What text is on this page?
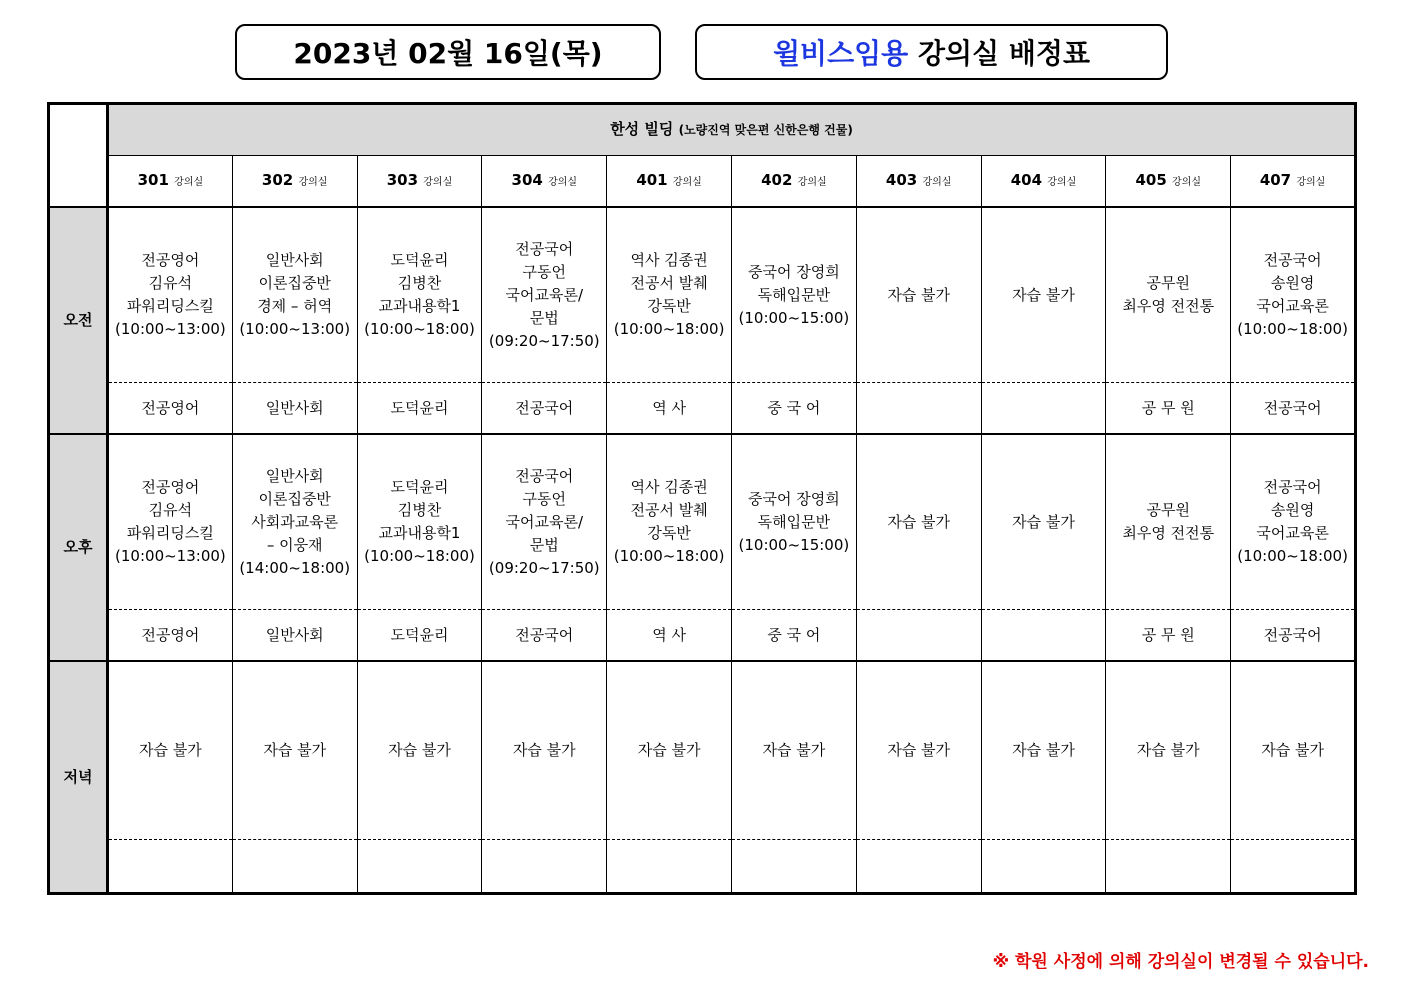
2023년 02월 16일(목)	윌비스임용 강의실 배정표
	한성 빌딩 (노량진역 맞은편 신한은행 건물)									
	301 강의실	302 강의실	303 강의실	304 강의실	401 강의실	402 강의실	403 강의실	404 강의실	405 강의실	407 강의실
오전	전공영어
김유석
파워리딩스킬
(10:00~13:00)	일반사회
이론집중반
경제 – 허역
(10:00~13:00)	도덕윤리
김병찬
교과내용학1
(10:00~18:00)	전공국어
구동언
국어교육론/
문법
(09:20~17:50)	역사 김종권
전공서 발췌
강독반
(10:00~18:00)	중국어 장영희
독해입문반
(10:00~15:00)	자습 불가	자습 불가	공무원
최우영 전전통	전공국어
송원영
국어교육론
(10:00~18:00)
	전공영어	일반사회	도덕윤리	전공국어	역 사	중 국 어			공 무 원	전공국어
오후	전공영어
김유석
파워리딩스킬
(10:00~13:00)	일반사회
이론집중반
사회과교육론
– 이웅재
(14:00~18:00)	도덕윤리
김병찬
교과내용학1
(10:00~18:00)	전공국어
구동언
국어교육론/
문법
(09:20~17:50)	역사 김종권
전공서 발췌
강독반
(10:00~18:00)	중국어 장영희
독해입문반
(10:00~15:00)	자습 불가	자습 불가	공무원
최우영 전전통	전공국어
송원영
국어교육론
(10:00~18:00)
	전공영어	일반사회	도덕윤리	전공국어	역 사	중 국 어			공 무 원	전공국어
저녁	자습 불가	자습 불가	자습 불가	자습 불가	자습 불가	자습 불가	자습 불가	자습 불가	자습 불가	자습 불가

※ 학원 사정에 의해 강의실이 변경될 수 있습니다.
